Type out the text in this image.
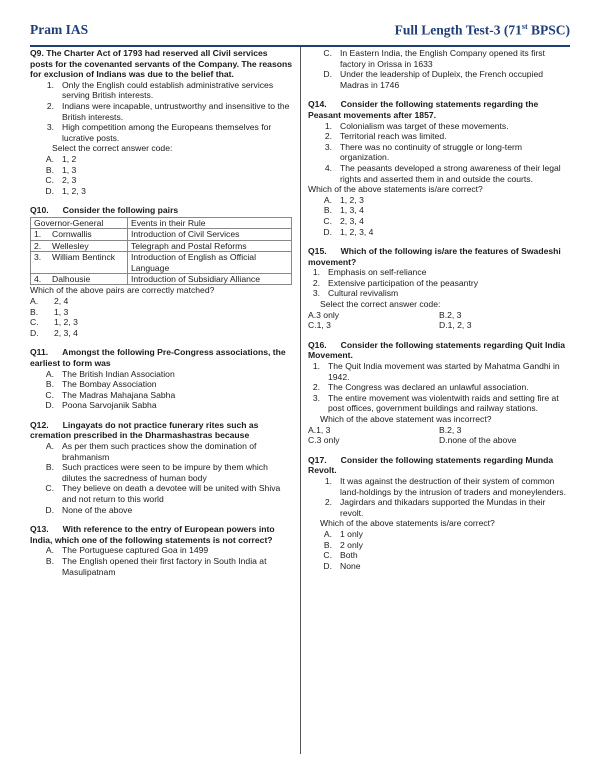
Pram IAS	Full Length Test-3 (71st BPSC)
Q9. The Charter Act of 1793 had reserved all Civil services posts for the covenanted servants of the Company. The reasons for exclusion of Indians was due to the belief that.
1. Only the English could establish administrative services serving British interests.
2. Indians were incapable, untrustworthy and insensitive to the British interests.
3. High competition among the Europeans themselves for lucrative posts.
Select the correct answer code:
A. 1, 2
B. 1, 3
C. 2, 3
D. 1, 2, 3
Q10. Consider the following pairs
Governor-General	Events in their Rule

1. Cornwallis	Introduction of Civil Services

2. Wellesley	Telegraph and Postal Reforms

3. William Bentinck	Introduction of English as Official Language

4. Dalhousie	Introduction of Subsidiary Alliance
Which of the above pairs are correctly matched?
A.	2, 4
B.	1, 3
C.	1, 2, 3
D.	2, 3, 4
Q11. Amongst the following Pre-Congress associations, the earliest to form was
A. The British Indian Association
B. The Bombay Association
C. The Madras Mahajana Sabha
D. Poona Sarvojanik Sabha
Q12. Lingayats do not practice funerary rites such as cremation prescribed in the Dharmashastras because
A. As per them such practices show the domination of brahmanism
B. Such practices were seen to be impure by them which dilutes the sacredness of human body
C. They believe on death a devotee will be united with Shiva and not return to this world
D. None of the above
Q13. With reference to the entry of European powers into India, which one of the following statements is not correct?
A. The Portuguese captured Goa in 1499
B. The English opened their first factory in South India at Masulipatnam
C. In Eastern India, the English Company opened its first factory in Orissa in 1633
D. Under the leadership of Dupleix, the French occupied Madras in 1746
Q14. Consider the following statements regarding the Peasant movements after 1857.
1. Colonialism was target of these movements.
2. Territorial reach was limited.
3. There was no continuity of struggle or long-term organization.
4. The peasants developed a strong awareness of their legal rights and asserted them in and outside the courts.
Which of the above statements is/are correct?
A. 1, 2, 3
B. 1, 3, 4
C. 2, 3, 4
D. 1, 2, 3, 4
Q15. Which of the following is/are the features of Swadeshi movement?
1. Emphasis on self-reliance
2. Extensive participation of the peasantry
3. Cultural revivalism
Select the correct answer code:
A.3 only	B.2, 3
C.1, 3	D.1, 2, 3
Q16. Consider the following statements regarding Quit India Movement.
1. The Quit India movement was started by Mahatma Gandhi in 1942.
2. The Congress was declared an unlawful association.
3. The entire movement was violentwith raids and setting fire at post offices, government buildings and railway stations.
Which of the above statement was incorrect?
A.1, 3	B.2, 3
C.3 only	D.none of the above
Q17. Consider the following statements regarding Munda Revolt.
1. It was against the destruction of their system of common land-holdings by the intrusion of traders and moneylenders.
2. Jagirdars and thikadars supported the Mundas in their revolt.
Which of the above statements is/are correct?
A. 1 only
B. 2 only
C. Both
D. None
